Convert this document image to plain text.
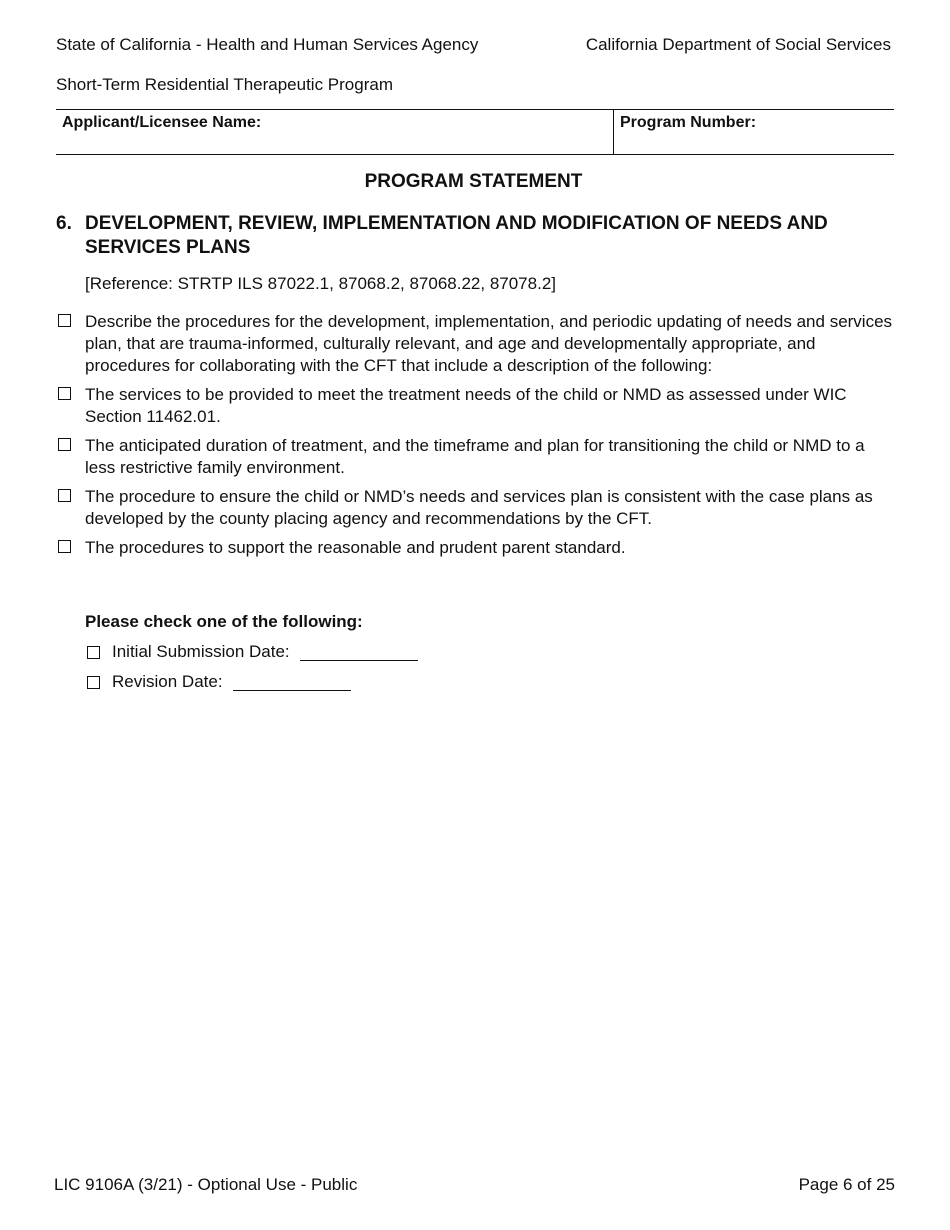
State of California - Health and Human Services Agency	California Department of Social Services
Short-Term Residential Therapeutic Program
Applicant/Licensee Name:	Program Number:
PROGRAM STATEMENT
6. DEVELOPMENT, REVIEW, IMPLEMENTATION AND MODIFICATION OF NEEDS AND SERVICES PLANS
[Reference: STRTP ILS 87022.1, 87068.2, 87068.22, 87078.2]
Describe the procedures for the development, implementation, and periodic updating of needs and services plan, that are trauma-informed, culturally relevant, and age and developmentally appropriate, and procedures for collaborating with the CFT that include a description of the following:
The services to be provided to meet the treatment needs of the child or NMD as assessed under WIC Section 11462.01.
The anticipated duration of treatment, and the timeframe and plan for transitioning the child or NMD to a less restrictive family environment.
The procedure to ensure the child or NMD’s needs and services plan is consistent with the case plans as developed by the county placing agency and recommendations by the CFT.
The procedures to support the reasonable and prudent parent standard.
Please check one of the following:
Initial Submission Date:
Revision Date:
LIC 9106A (3/21) - Optional Use - Public	Page 6 of 25
